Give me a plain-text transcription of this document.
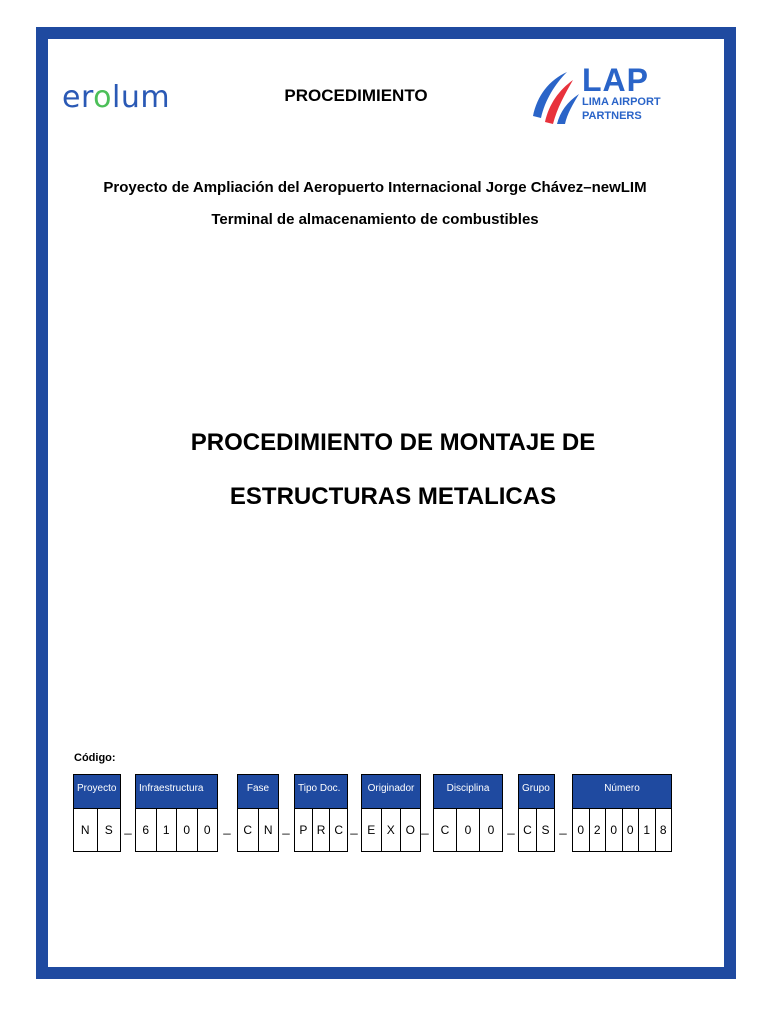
erolum	PROCEDIMIENTO	LAP
LIMA AIRPORT
PARTNERS
Proyecto de Ampliación del Aeropuerto Internacional Jorge Chávez–newLIM
Terminal de almacenamiento de combustibles
PROCEDIMIENTO DE MONTAJE DE
ESTRUCTURAS METALICAS
Código:
Proyecto
N	S
Infraestructura
6	1	0	0
Fase
C N
Tipo Doc.
P R C
Originador
E X O
Disciplina
C	0	0
Grupo
C S
Número
0 2 0 0 1 8
_	_	_	_	_	_	_
